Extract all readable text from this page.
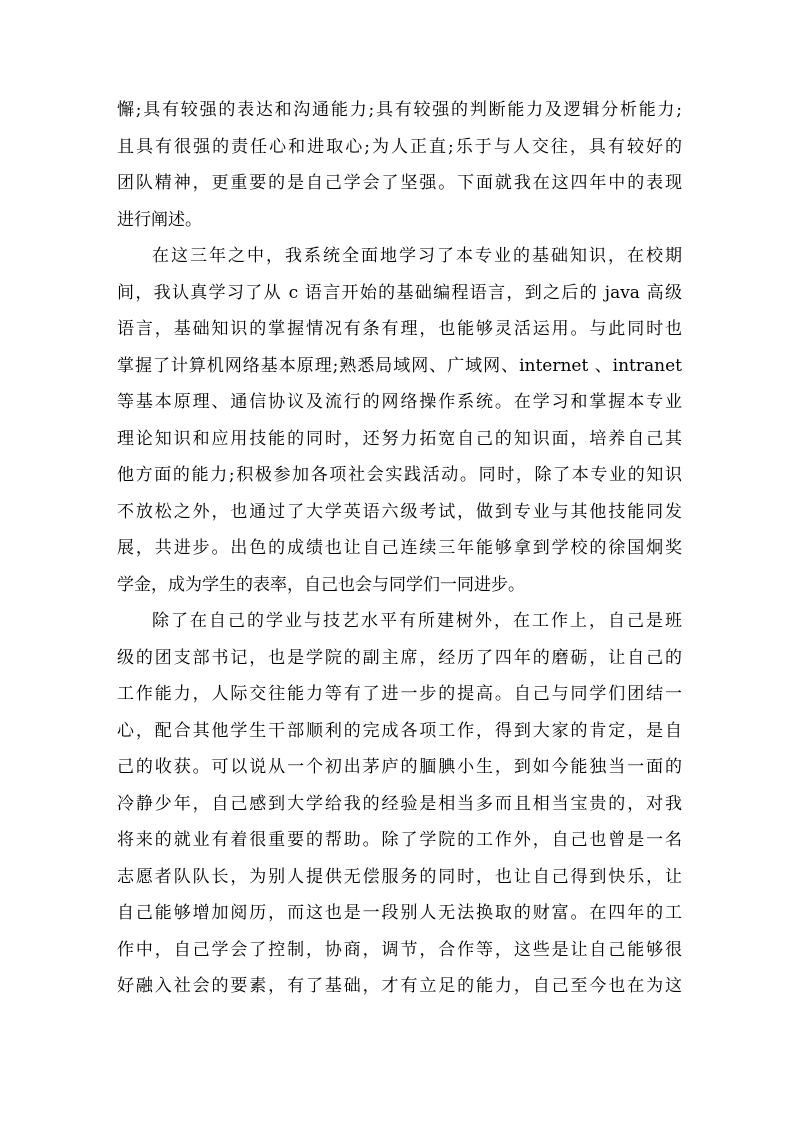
懈;具有较强的表达和沟通能力;具有较强的判断能力及逻辑分析能力;
且具有很强的责任心和进取心;为人正直;乐于与人交往，具有较好的
团队精神，更重要的是自己学会了坚强。下面就我在这四年中的表现
进行阐述。
在这三年之中，我系统全面地学习了本专业的基础知识，在校期
间，我认真学习了从 c 语言开始的基础编程语言，到之后的 java 高级
语言，基础知识的掌握情况有条有理，也能够灵活运用。与此同时也
掌握了计算机网络基本原理;熟悉局域网、广域网、internet 、intranet
等基本原理、通信协议及流行的网络操作系统。在学习和掌握本专业
理论知识和应用技能的同时，还努力拓宽自己的知识面，培养自己其
他方面的能力;积极参加各项社会实践活动。同时，除了本专业的知识
不放松之外，也通过了大学英语六级考试，做到专业与其他技能同发
展，共进步。出色的成绩也让自己连续三年能够拿到学校的徐国炯奖
学金，成为学生的表率，自己也会与同学们一同进步。
除了在自己的学业与技艺水平有所建树外，在工作上，自己是班
级的团支部书记，也是学院的副主席，经历了四年的磨砺，让自己的
工作能力，人际交往能力等有了进一步的提高。自己与同学们团结一
心，配合其他学生干部顺利的完成各项工作，得到大家的肯定，是自
己的收获。可以说从一个初出茅庐的腼腆小生，到如今能独当一面的
冷静少年，自己感到大学给我的经验是相当多而且相当宝贵的，对我
将来的就业有着很重要的帮助。除了学院的工作外，自己也曾是一名
志愿者队队长，为别人提供无偿服务的同时，也让自己得到快乐，让
自己能够增加阅历，而这也是一段别人无法换取的财富。在四年的工
作中，自己学会了控制，协商，调节，合作等，这些是让自己能够很
好融入社会的要素，有了基础，才有立足的能力，自己至今也在为这
